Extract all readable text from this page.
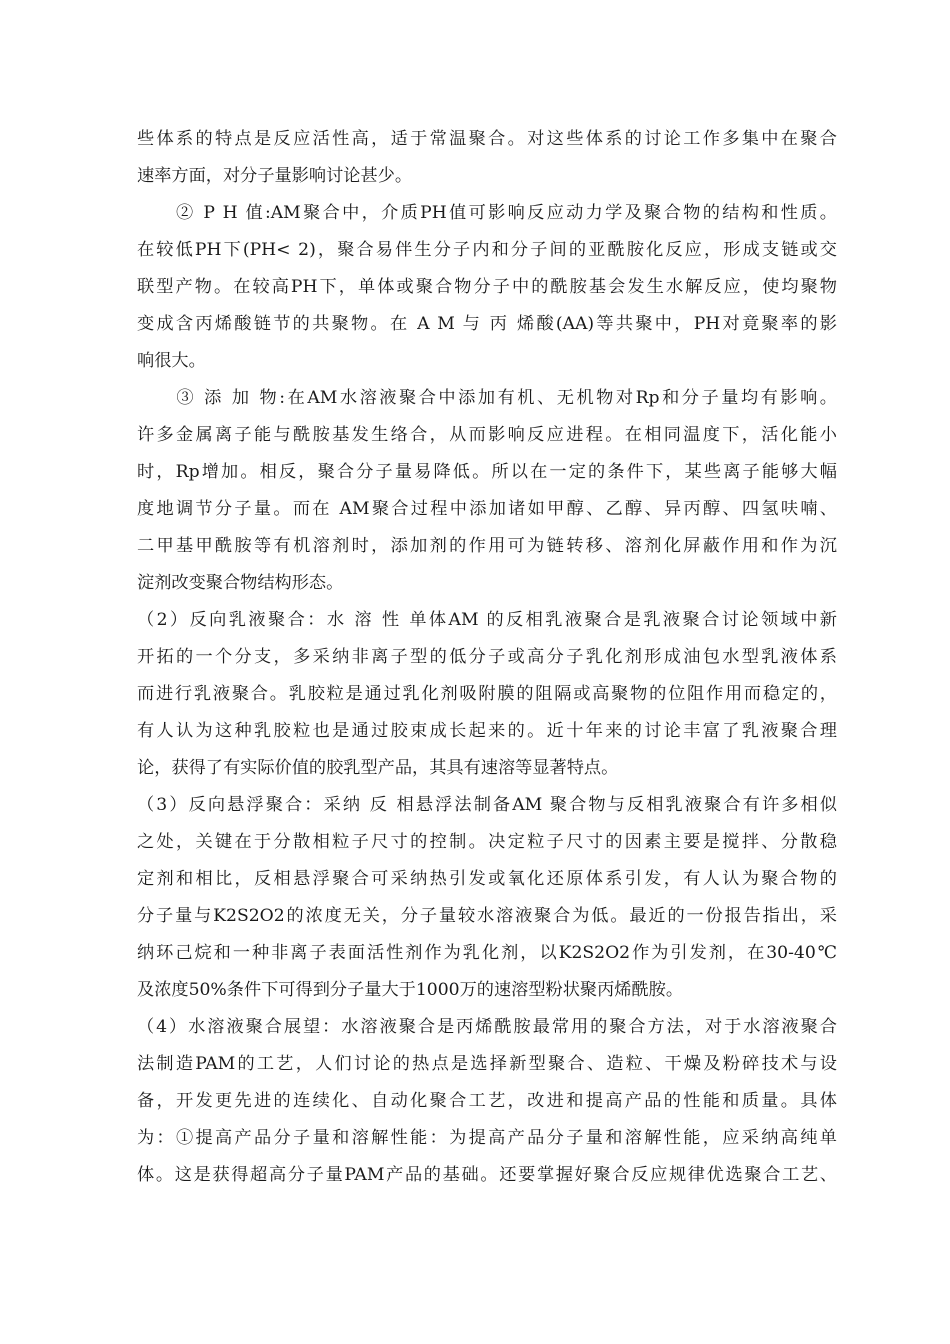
些体系的特点是反应活性高，适于常温聚合。对这些体系的讨论工作多集中在聚合
速率方面，对分子量影响讨论甚少。
　　② P H 值:AM聚合中，介质PH值可影响反应动力学及聚合物的结构和性质。
在较低PH下(PH< 2)，聚合易伴生分子内和分子间的亚酰胺化反应，形成支链或交
联型产物。在较高PH下，单体或聚合物分子中的酰胺基会发生水解反应，使均聚物
变成含丙烯酸链节的共聚物。在 A M 与 丙 烯酸(AA)等共聚中，PH对竟聚率的影
响很大。
　　③ 添 加 物:在AM水溶液聚合中添加有机、无机物对Rp和分子量均有影响。
许多金属离子能与酰胺基发生络合，从而影响反应进程。在相同温度下，活化能小
时，Rp增加。相反，聚合分子量易降低。所以在一定的条件下，某些离子能够大幅
度地调节分子量。而在 AM聚合过程中添加诸如甲醇、乙醇、异丙醇、四氢呋喃、
二甲基甲酰胺等有机溶剂时，添加剂的作用可为链转移、溶剂化屏蔽作用和作为沉
淀剂改变聚合物结构形态。
（2）反向乳液聚合：水 溶 性 单体AM 的反相乳液聚合是乳液聚合讨论领域中新
开拓的一个分支，多采纳非离子型的低分子或高分子乳化剂形成油包水型乳液体系
而进行乳液聚合。乳胶粒是通过乳化剂吸附膜的阻隔或高聚物的位阻作用而稳定的，
有人认为这种乳胶粒也是通过胶束成长起来的。近十年来的讨论丰富了乳液聚合理
论，获得了有实际价值的胶乳型产品，其具有速溶等显著特点。
（3）反向悬浮聚合：采纳 反 相悬浮法制备AM 聚合物与反相乳液聚合有许多相似
之处，关键在于分散相粒子尺寸的控制。决定粒子尺寸的因素主要是搅拌、分散稳
定剂和相比，反相悬浮聚合可采纳热引发或氧化还原体系引发，有人认为聚合物的
分子量与K2S2O2的浓度无关，分子量较水溶液聚合为低。最近的一份报告指出，采
纳环己烷和一种非离子表面活性剂作为乳化剂，以K2S2O2作为引发剂，在30-40℃
及浓度50%条件下可得到分子量大于1000万的速溶型粉状聚丙烯酰胺。
（4）水溶液聚合展望：水溶液聚合是丙烯酰胺最常用的聚合方法，对于水溶液聚合
法制造PAM的工艺，人们讨论的热点是选择新型聚合、造粒、干燥及粉碎技术与设
备，开发更先进的连续化、自动化聚合工艺，改进和提高产品的性能和质量。具体
为：①提高产品分子量和溶解性能：为提高产品分子量和溶解性能，应采纳高纯单
体。这是获得超高分子量PAM产品的基础。还要掌握好聚合反应规律优选聚合工艺、
